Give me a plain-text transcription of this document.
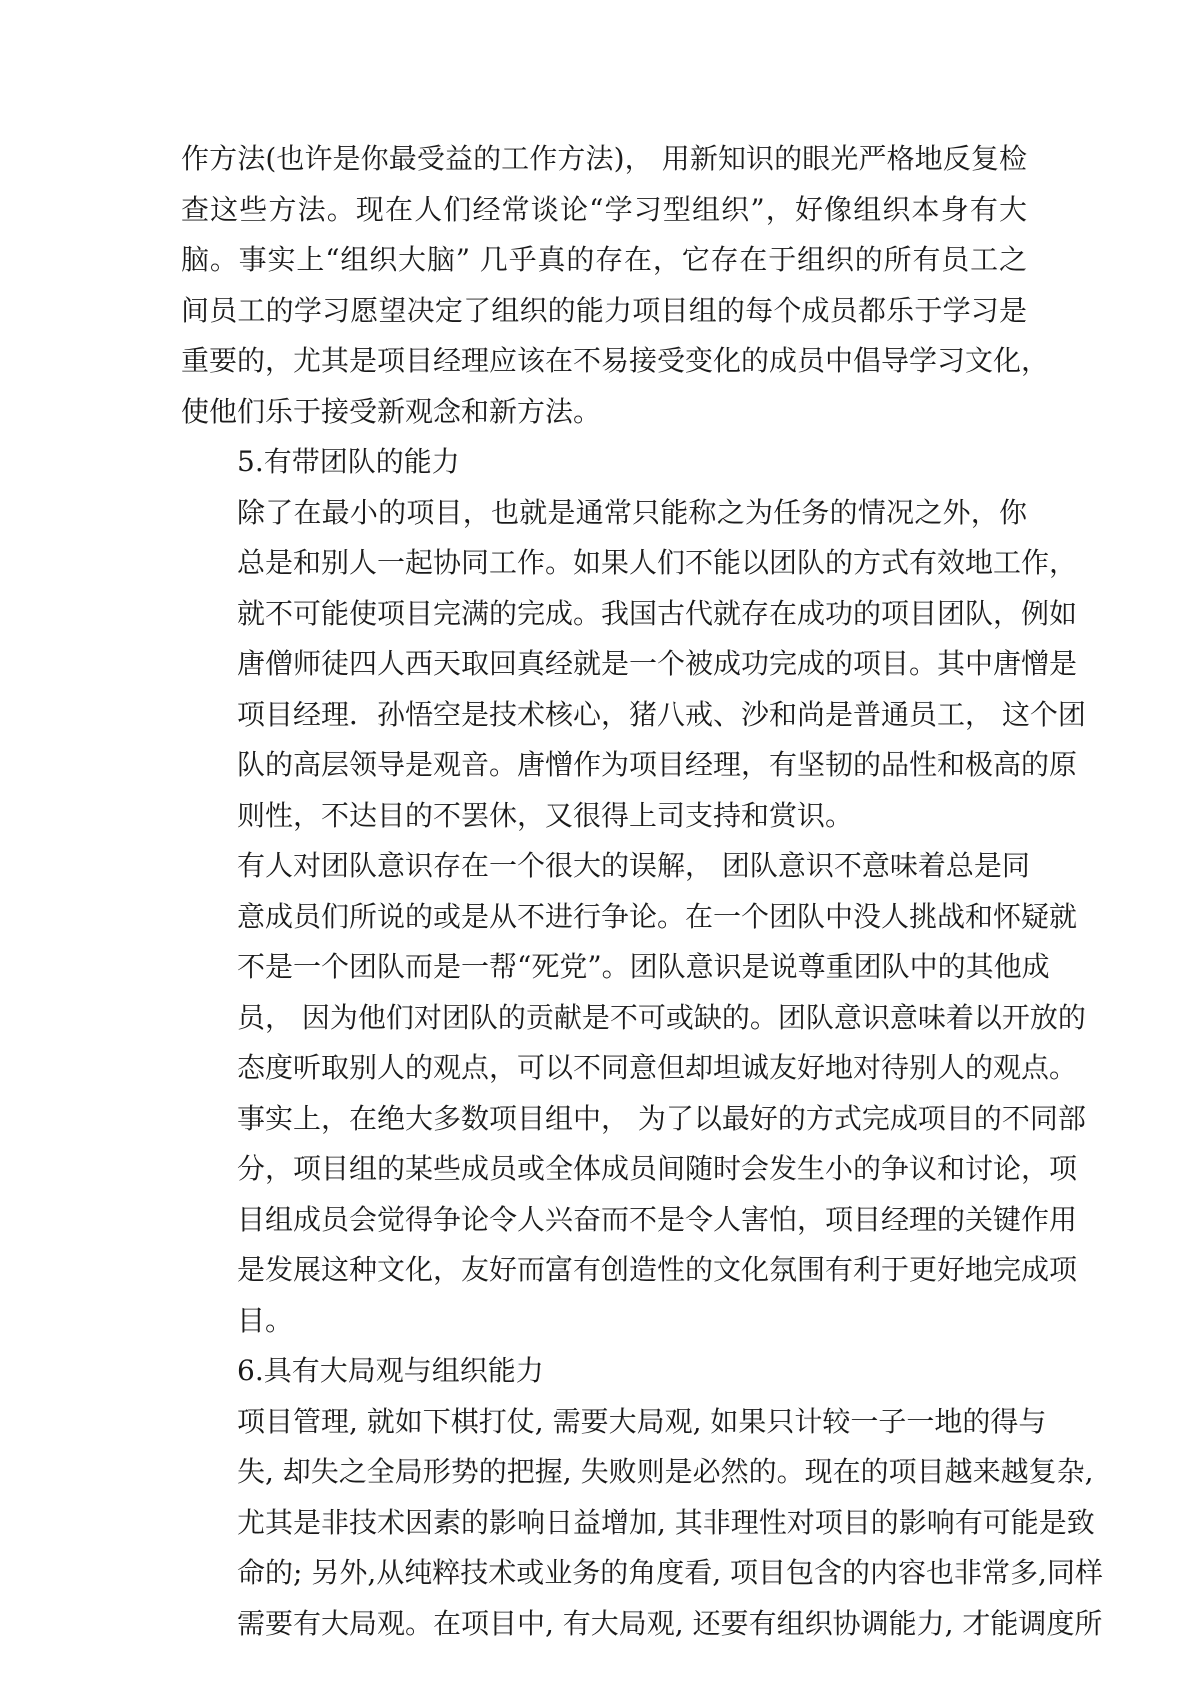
作方法(也许是你最受益的工作方法)， 用新知识的眼光严格地反复检
查这些方法。现在人们经常谈论“学习型组织”，好像组织本身有大
脑。事实上“组织大脑” 几乎真的存在，它存在于组织的所有员工之
间员工的学习愿望决定了组织的能力项目组的每个成员都乐于学习是
重要的，尤其是项目经理应该在不易接受变化的成员中倡导学习文化，
使他们乐于接受新观念和新方法。

5.有带团队的能力

除了在最小的项目，也就是通常只能称之为任务的情况之外，你
总是和别人一起协同工作。如果人们不能以团队的方式有效地工作，
就不可能使项目完满的完成。我国古代就存在成功的项目团队，例如
唐僧师徒四人西天取回真经就是一个被成功完成的项目。其中唐憎是
项目经理．孙悟空是技术核心，猪八戒、沙和尚是普通员工， 这个团
队的高层领导是观音。唐憎作为项目经理，有坚韧的品性和极高的原
则性，不达目的不罢休，又很得上司支持和赏识。

有人对团队意识存在一个很大的误解， 团队意识不意味着总是同
意成员们所说的或是从不进行争论。在一个团队中没人挑战和怀疑就
不是一个团队而是一帮“死党”。团队意识是说尊重团队中的其他成
员， 因为他们对团队的贡献是不可或缺的。团队意识意味着以开放的
态度听取别人的观点，可以不同意但却坦诚友好地对待别人的观点。
事实上，在绝大多数项目组中， 为了以最好的方式完成项目的不同部
分，项目组的某些成员或全体成员间随时会发生小的争议和讨论，项
目组成员会觉得争论令人兴奋而不是令人害怕，项目经理的关键作用
是发展这种文化，友好而富有创造性的文化氛围有利于更好地完成项
目。

6.具有大局观与组织能力

项目管理, 就如下棋打仗, 需要大局观, 如果只计较一子一地的得与
失, 却失之全局形势的把握, 失败则是必然的。现在的项目越来越复杂,
尤其是非技术因素的影响日益增加, 其非理性对项目的影响有可能是致
命的; 另外,从纯粹技术或业务的角度看, 项目包含的内容也非常多,同样
需要有大局观。在项目中, 有大局观, 还要有组织协调能力, 才能调度所
